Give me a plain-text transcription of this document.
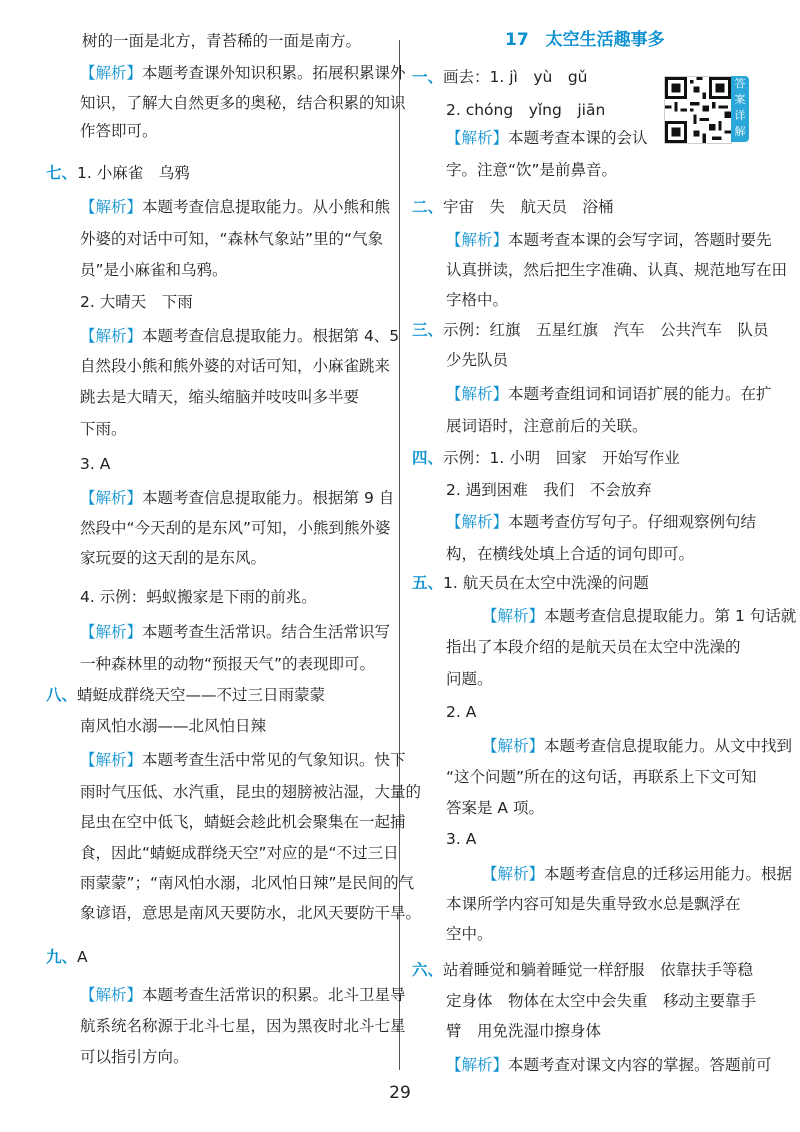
17　太空生活趣事多
答案详解
29
树的一面是北方，青苔稀的一面是南方。
【解析】本题考查课外知识积累。拓展积累课外
知识，了解大自然更多的奥秘，结合积累的知识
作答即可。
七、1. 小麻雀　乌鸦
【解析】本题考查信息提取能力。从小熊和熊
外婆的对话中可知，“森林气象站”里的“气象
员”是小麻雀和乌鸦。
2. 大晴天　下雨
【解析】本题考查信息提取能力。根据第 4、5
自然段小熊和熊外婆的对话可知，小麻雀跳来
跳去是大晴天，缩头缩脑并吱吱叫多半要
下雨。
3. A
【解析】本题考查信息提取能力。根据第 9 自
然段中“今天刮的是东风”可知，小熊到熊外婆
家玩耍的这天刮的是东风。
4. 示例：蚂蚁搬家是下雨的前兆。
【解析】本题考查生活常识。结合生活常识写
一种森林里的动物“预报天气”的表现即可。
八、蜻蜓成群绕天空——不过三日雨蒙蒙
南风怕水溺——北风怕日辣
【解析】本题考查生活中常见的气象知识。快下
雨时气压低、水汽重，昆虫的翅膀被沾湿，大量的
昆虫在空中低飞，蜻蜓会趁此机会聚集在一起捕
食，因此“蜻蜓成群绕天空”对应的是“不过三日
雨蒙蒙”；“南风怕水溺，北风怕日辣”是民间的气
象谚语，意思是南风天要防水，北风天要防干旱。
九、A
【解析】本题考查生活常识的积累。北斗卫星导
航系统名称源于北斗七星，因为黑夜时北斗七星
可以指引方向。
一、画去：1. jì　yù　gǔ
2. chóng　yǐng　jiān
【解析】本题考查本课的会认
字。注意“饮”是前鼻音。
二、宇宙　失　航天员　浴桶
【解析】本题考查本课的会写字词，答题时要先
认真拼读，然后把生字准确、认真、规范地写在田
字格中。
三、示例：红旗　五星红旗　汽车　公共汽车　队员
少先队员
【解析】本题考查组词和词语扩展的能力。在扩
展词语时，注意前后的关联。
四、示例：1. 小明　回家　开始写作业
2. 遇到困难　我们　不会放弃
【解析】本题考查仿写句子。仔细观察例句结
构，在横线处填上合适的词句即可。
五、1. 航天员在太空中洗澡的问题
【解析】本题考查信息提取能力。第 1 句话就
指出了本段介绍的是航天员在太空中洗澡的
问题。
2. A
【解析】本题考查信息提取能力。从文中找到
“这个问题”所在的这句话，再联系上下文可知
答案是 A 项。
3. A
【解析】本题考查信息的迁移运用能力。根据
本课所学内容可知是失重导致水总是飘浮在
空中。
六、站着睡觉和躺着睡觉一样舒服　依靠扶手等稳
定身体　物体在太空中会失重　移动主要靠手
臂　用免洗湿巾擦身体
【解析】本题考查对课文内容的掌握。答题前可
